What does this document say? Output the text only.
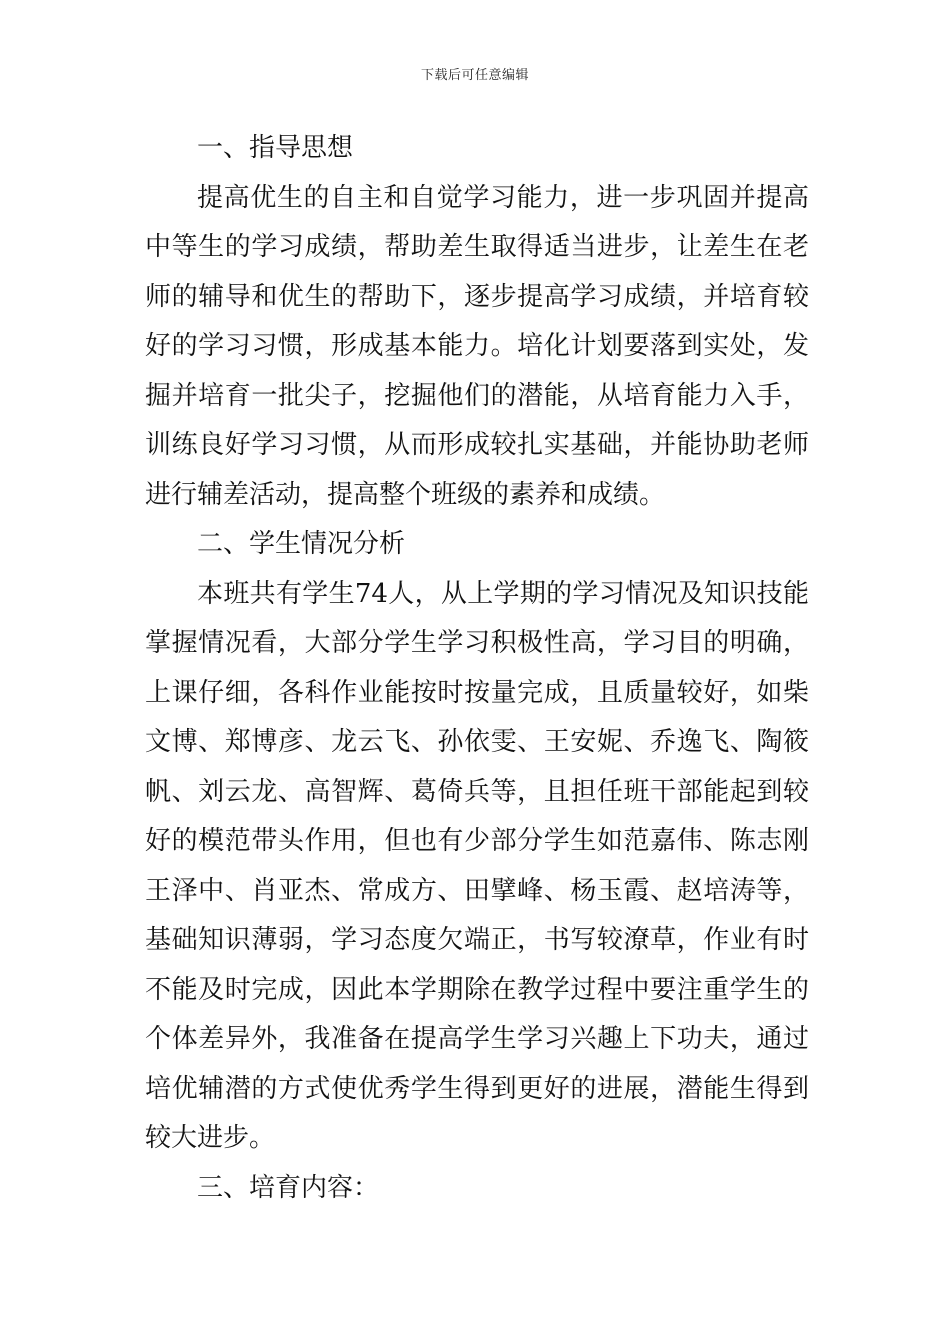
下载后可任意编辑

一、指导思想

提高优生的自主和自觉学习能力，进一步巩固并提高中等生的学习成绩，帮助差生取得适当进步，让差生在老师的辅导和优生的帮助下，逐步提高学习成绩，并培育较好的学习习惯，形成基本能力。培化计划要落到实处，发掘并培育一批尖子，挖掘他们的潜能，从培育能力入手，训练良好学习习惯，从而形成较扎实基础，并能协助老师进行辅差活动，提高整个班级的素养和成绩。

二、学生情况分析

本班共有学生74人，从上学期的学习情况及知识技能掌握情况看，大部分学生学习积极性高，学习目的明确，上课仔细，各科作业能按时按量完成，且质量较好，如柴文博、郑博彦、龙云飞、孙依雯、王安妮、乔逸飞、陶筱帆、刘云龙、高智辉、葛倚兵等，且担任班干部能起到较好的模范带头作用，但也有少部分学生如范嘉伟、陈志刚王泽中、肖亚杰、常成方、田擘峰、杨玉霞、赵培涛等，基础知识薄弱，学习态度欠端正，书写较潦草，作业有时不能及时完成，因此本学期除在教学过程中要注重学生的个体差异外，我准备在提高学生学习兴趣上下功夫，通过培优辅潜的方式使优秀学生得到更好的进展，潜能生得到较大进步。

三、培育内容：
